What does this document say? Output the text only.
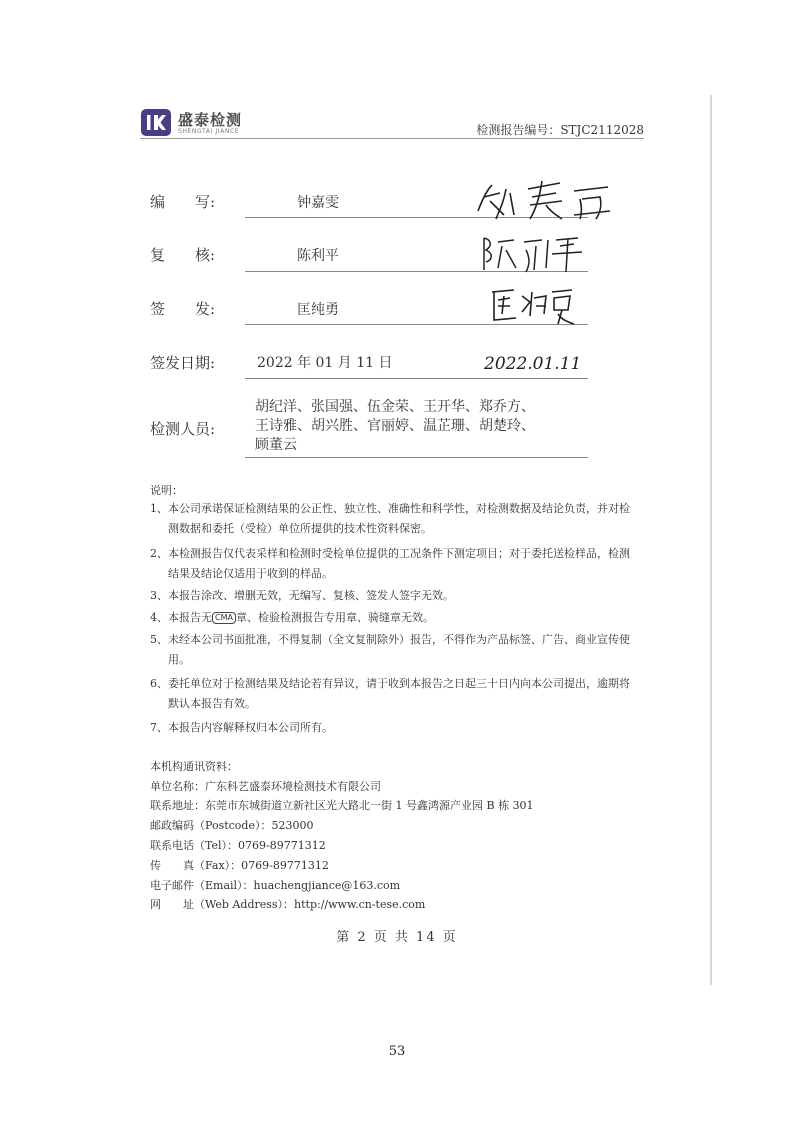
盛泰检测
SHENGTAI JIANCE	检测报告编号：STJC2112028
编　　写:	钟嘉雯
复　　核:	陈利平
签　　发:	匡纯勇
签发日期:	2022 年 01 月 11 日	2022.01.11
检测人员:
胡纪洋、张国强、伍金荣、王开华、郑乔方、
王诗雅、胡兴胜、官丽婷、温芷珊、胡楚玲、
顾董云
说明：
1、本公司承诺保证检测结果的公正性、独立性、准确性和科学性，对检测数据及结论负责，并对检
测数据和委托（受检）单位所提供的技术性资料保密。
2、本检测报告仅代表采样和检测时受检单位提供的工况条件下测定项目；对于委托送检样品，检测
结果及结论仅适用于收到的样品。
3、本报告涂改、增删无效，无编写、复核、签发人签字无效。
4、本报告无 CMA 章、检验检测报告专用章、骑缝章无效。
5、未经本公司书面批准，不得复制（全文复制除外）报告，不得作为产品标签、广告、商业宣传使
用。
6、委托单位对于检测结果及结论若有异议，请于收到本报告之日起三十日内向本公司提出，逾期将
默认本报告有效。
7、本报告内容解释权归本公司所有。
本机构通讯资料：
单位名称：广东科艺盛泰环境检测技术有限公司
联系地址：东莞市东城街道立新社区光大路北一街 1 号鑫鸿源产业园 B 栋 301
邮政编码（Postcode）：523000
联系电话（Tel）：0769-89771312
传　　真（Fax）：0769-89771312
电子邮件（Email）：huachengjiance@163.com
网　　址（Web Address）：http://www.cn-tese.com
第 2 页 共 14 页
53
